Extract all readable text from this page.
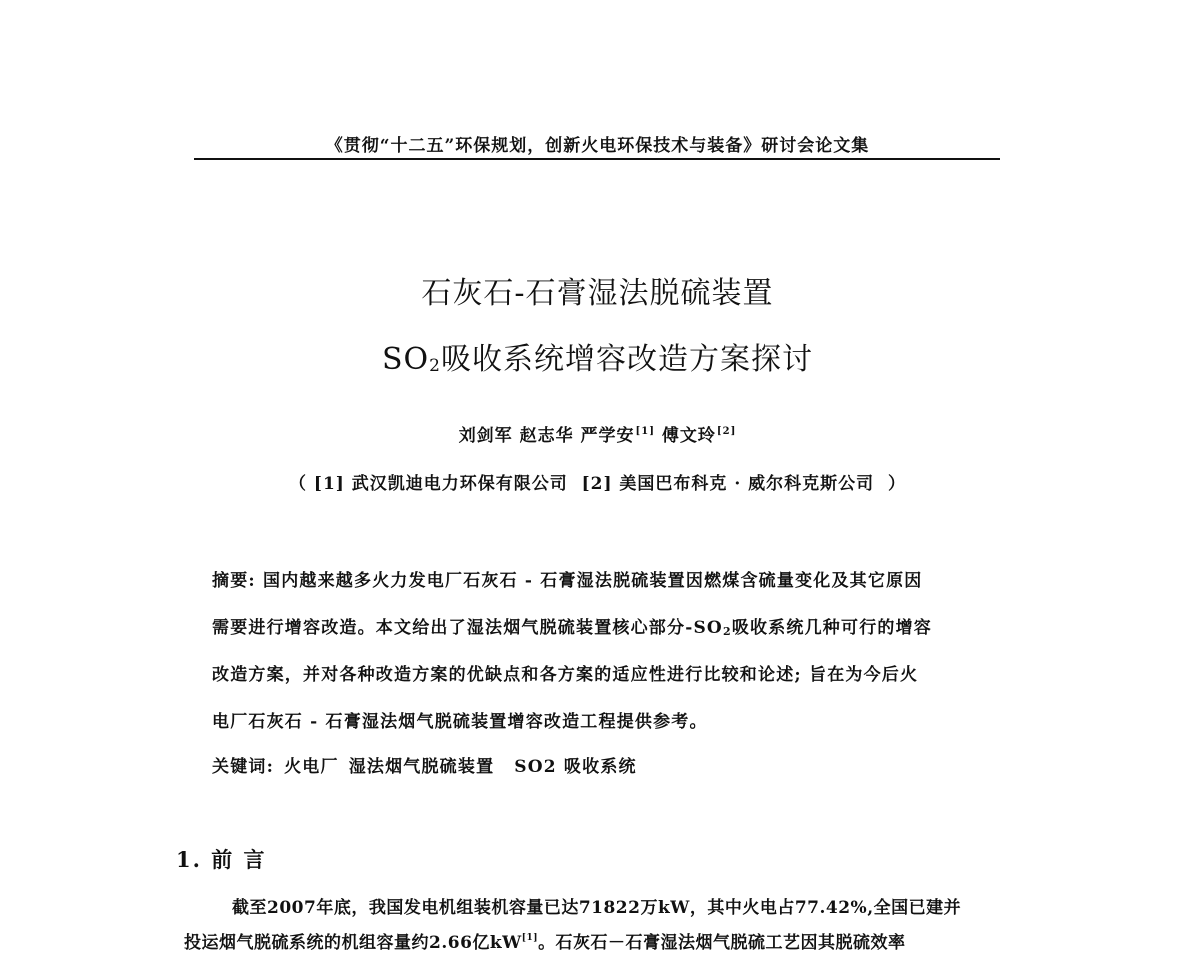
《贯彻“十二五”环保规划，创新火电环保技术与装备》研讨会论文集
石灰石-石膏湿法脱硫装置
$SO_2$吸收系统增容改造方案探讨
刘剑军 赵志华 严学安[1] 傅文玲[2]
（ [1] 武汉凯迪电力环保有限公司  [2] 美国巴布科克 · 威尔科克斯公司  ）
摘要: 国内越来越多火力发电厂石灰石 - 石膏湿法脱硫装置因燃煤含硫量变化及其它原因
需要进行增容改造。本文给出了湿法烟气脱硫装置核心部分$-SO_2$吸收系统几种可行的增容
改造方案，并对各种改造方案的优缺点和各方案的适应性进行比较和论述; 旨在为今后火
电厂石灰石 - 石膏湿法烟气脱硫装置增容改造工程提供参考。
关键词: 火电厂 湿法烟气脱硫装置 SO2 吸收系统
1. 前 言
截至2007年底，我国发电机组装机容量已达71822万kW，其中火电占77.42%,全国已建并
投运烟气脱硫系统的机组容量约2.66亿kW[1]。石灰石－石膏湿法烟气脱硫工艺因其脱硫效率
